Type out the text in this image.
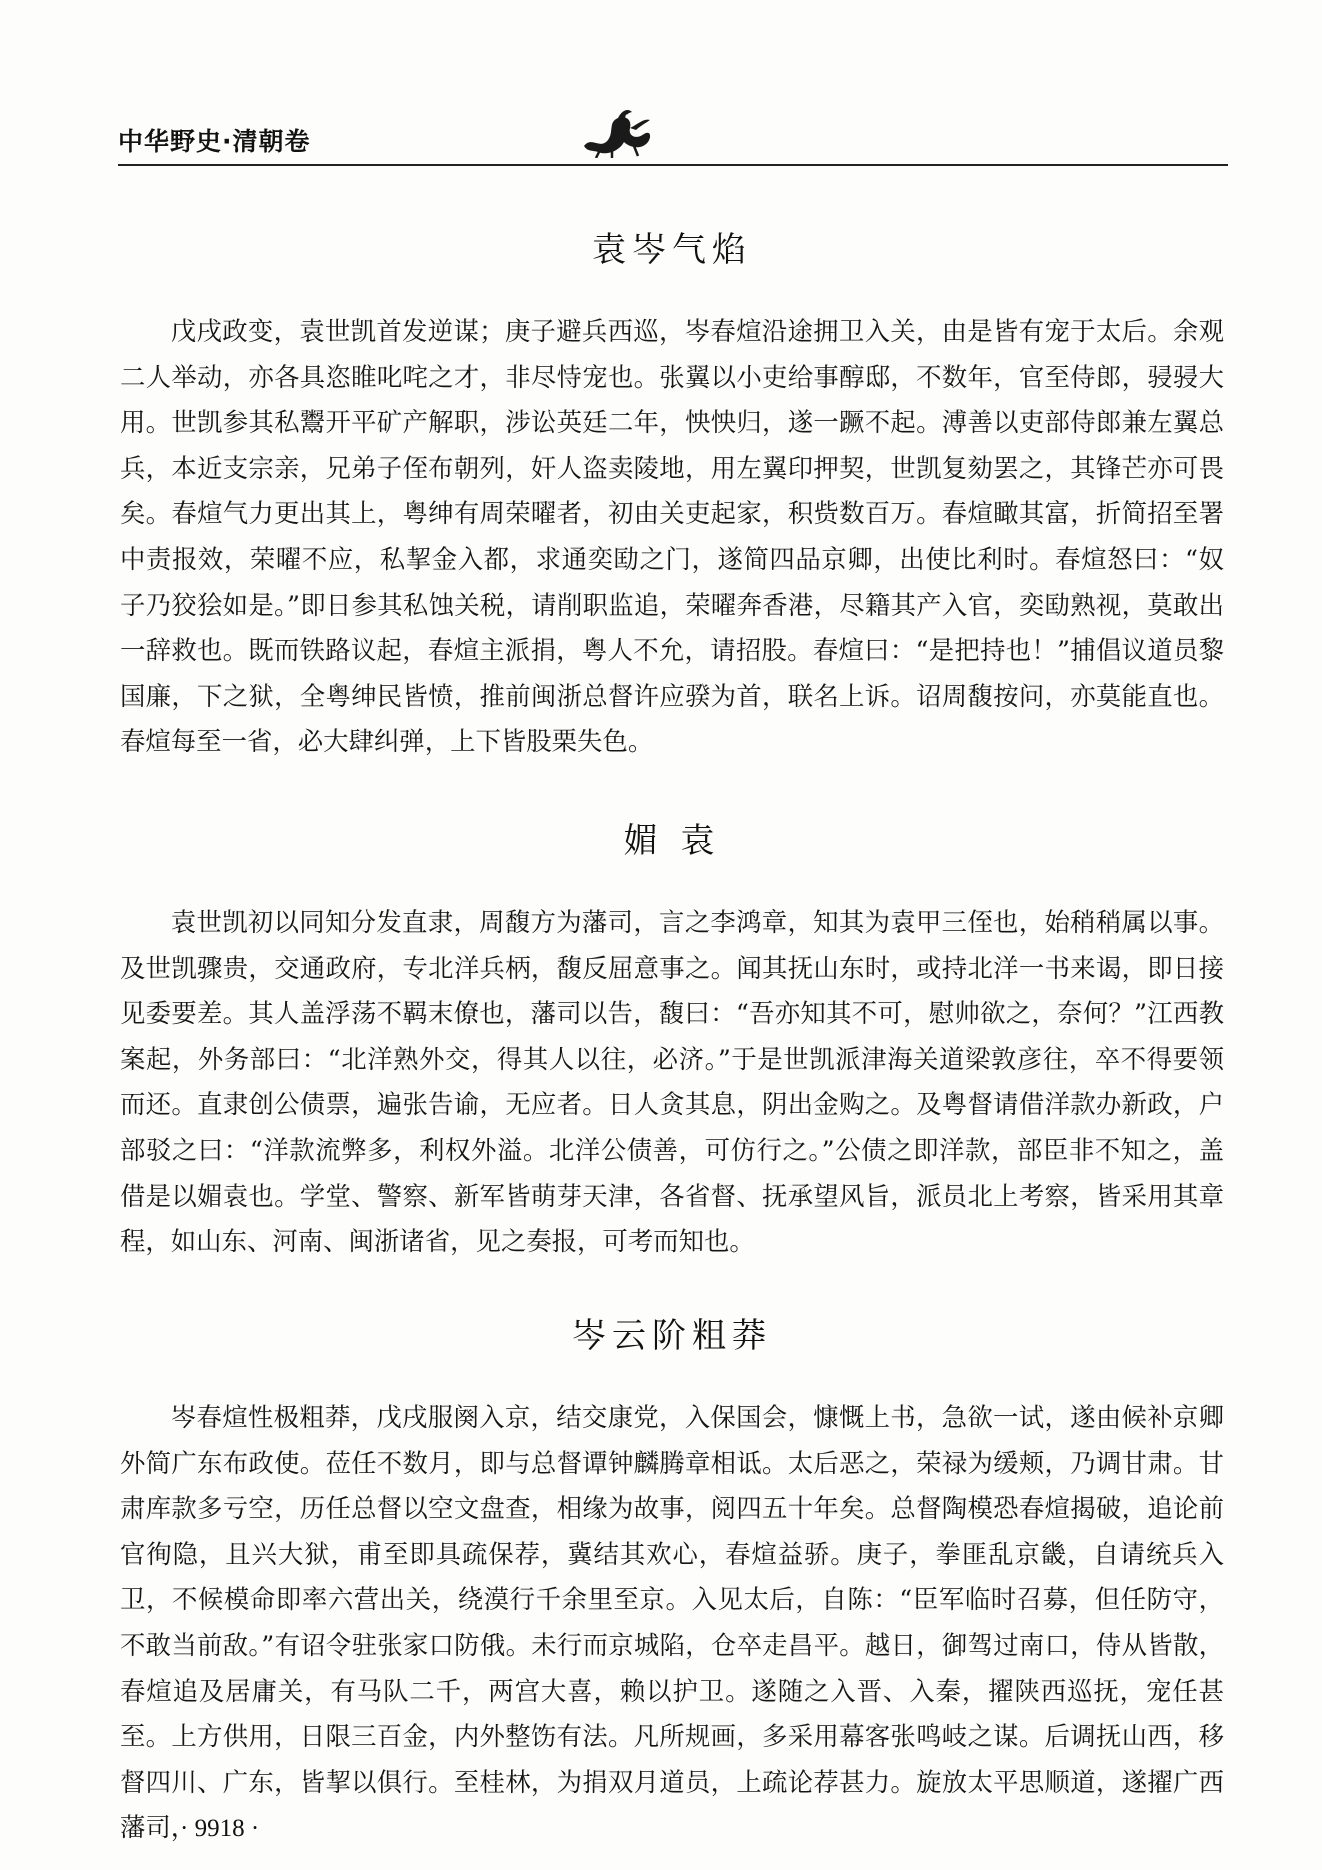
中华野史·清朝卷
袁岑气焰

戊戌政变，袁世凯首发逆谋；庚子避兵西巡，岑春煊沿途拥卫入关，由是皆有宠于太后。余观二人举动，亦各具恣睢叱咤之才，非尽恃宠也。张翼以小吏给事醇邸，不数年，官至侍郎，骎骎大用。世凯参其私鬻开平矿产解职，涉讼英廷二年，怏怏归，遂一蹶不起。溥善以吏部侍郎兼左翼总兵，本近支宗亲，兄弟子侄布朝列，奸人盗卖陵地，用左翼印押契，世凯复劾罢之，其锋芒亦可畏矣。春煊气力更出其上，粤绅有周荣曜者，初由关吏起家，积赀数百万。春煊瞰其富，折简招至署中责报效，荣曜不应，私挈金入都，求通奕劻之门，遂简四品京卿，出使比利时。春煊怒曰：“奴子乃狡狯如是。”即日参其私蚀关税，请削职监追，荣曜奔香港，尽籍其产入官，奕劻熟视，莫敢出一辞救也。既而铁路议起，春煊主派捐，粤人不允，请招股。春煊曰：“是把持也！”捕倡议道员黎国廉，下之狱，全粤绅民皆愤，推前闽浙总督许应骙为首，联名上诉。诏周馥按问，亦莫能直也。春煊每至一省，必大肆纠弹，上下皆股栗失色。

媚 袁

袁世凯初以同知分发直隶，周馥方为藩司，言之李鸿章，知其为袁甲三侄也，始稍稍属以事。及世凯骤贵，交通政府，专北洋兵柄，馥反屈意事之。闻其抚山东时，或持北洋一书来谒，即日接见委要差。其人盖浮荡不羁末僚也，藩司以告，馥曰：“吾亦知其不可，慰帅欲之，奈何？”江西教案起，外务部曰：“北洋熟外交，得其人以往，必济。”于是世凯派津海关道梁敦彦往，卒不得要领而还。直隶创公债票，遍张告谕，无应者。日人贪其息，阴出金购之。及粤督请借洋款办新政，户部驳之曰：“洋款流弊多，利权外溢。北洋公债善，可仿行之。”公债之即洋款，部臣非不知之，盖借是以媚袁也。学堂、警察、新军皆萌芽天津，各省督、抚承望风旨，派员北上考察，皆采用其章程，如山东、河南、闽浙诸省，见之奏报，可考而知也。

岑云阶粗莽

岑春煊性极粗莽，戊戌服阕入京，结交康党，入保国会，慷慨上书，急欲一试，遂由候补京卿外简广东布政使。莅任不数月，即与总督谭钟麟腾章相诋。太后恶之，荣禄为缓颊，乃调甘肃。甘肃库款多亏空，历任总督以空文盘查，相缘为故事，阅四五十年矣。总督陶模恐春煊揭破，追论前官徇隐，且兴大狱，甫至即具疏保荐，冀结其欢心，春煊益骄。庚子，拳匪乱京畿，自请统兵入卫，不候模命即率六营出关，绕漠行千余里至京。入见太后，自陈：“臣军临时召募，但任防守，不敢当前敌。”有诏令驻张家口防俄。未行而京城陷，仓卒走昌平。越日，御驾过南口，侍从皆散，春煊追及居庸关，有马队二千，两宫大喜，赖以护卫。遂随之入晋、入秦，擢陕西巡抚，宠任甚至。上方供用，日限三百金，内外整饬有法。凡所规画，多采用幕客张鸣岐之谋。后调抚山西，移督四川、广东，皆挈以俱行。至桂林，为捐双月道员，上疏论荐甚力。旋放太平思顺道，遂擢广西藩司，

· 9918 ·
